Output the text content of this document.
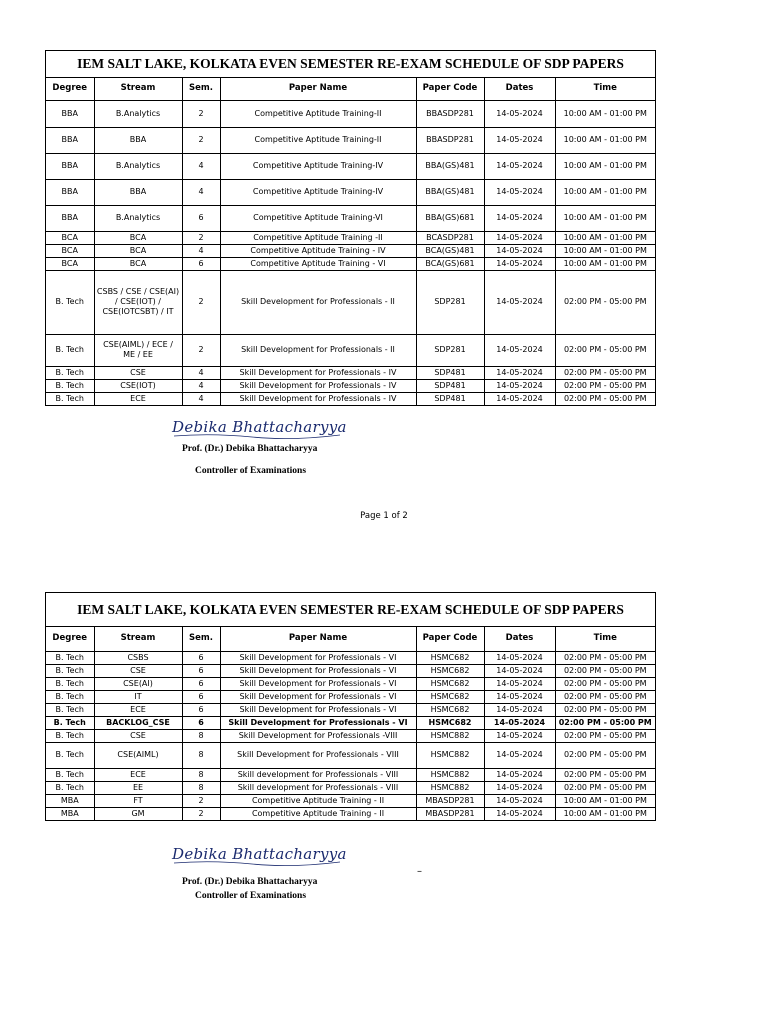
IEM SALT LAKE, KOLKATA EVEN SEMESTER RE-EXAM SCHEDULE OF SDP PAPERS
Degree	Stream	Sem.	Paper Name	Paper Code	Dates	Time
BBA	B.Analytics	2	Competitive Aptitude Training-II	BBASDP281	14-05-2024	10:00 AM - 01:00 PM
BBA	BBA	2	Competitive Aptitude Training-II	BBASDP281	14-05-2024	10:00 AM - 01:00 PM
BBA	B.Analytics	4	Competitive Aptitude Training-IV	BBA(GS)481	14-05-2024	10:00 AM - 01:00 PM
BBA	BBA	4	Competitive Aptitude Training-IV	BBA(GS)481	14-05-2024	10:00 AM - 01:00 PM
BBA	B.Analytics	6	Competitive Aptitude Training-VI	BBA(GS)681	14-05-2024	10:00 AM - 01:00 PM
BCA	BCA	2	Competitive Aptitude Training -II	BCASDP281	14-05-2024	10:00 AM - 01:00 PM
BCA	BCA	4	Competitive Aptitude Training - IV	BCA(GS)481	14-05-2024	10:00 AM - 01:00 PM
BCA	BCA	6	Competitive Aptitude Training - VI	BCA(GS)681	14-05-2024	10:00 AM - 01:00 PM
B. Tech	CSBS / CSE / CSE(AI) / CSE(IOT) / CSE(IOTCSBT) / IT	2	Skill Development for Professionals - II	SDP281	14-05-2024	02:00 PM - 05:00 PM
B. Tech	CSE(AIML) / ECE / ME / EE	2	Skill Development for Professionals - II	SDP281	14-05-2024	02:00 PM - 05:00 PM
B. Tech	CSE	4	Skill Development for Professionals - IV	SDP481	14-05-2024	02:00 PM - 05:00 PM
B. Tech	CSE(IOT)	4	Skill Development for Professionals - IV	SDP481	14-05-2024	02:00 PM - 05:00 PM
B. Tech	ECE	4	Skill Development for Professionals - IV	SDP481	14-05-2024	02:00 PM - 05:00 PM
Debika Bhattacharyya
Prof. (Dr.) Debika Bhattacharyya
Controller of Examinations
Page 1 of 2
IEM SALT LAKE, KOLKATA EVEN SEMESTER RE-EXAM SCHEDULE OF SDP PAPERS
Degree	Stream	Sem.	Paper Name	Paper Code	Dates	Time
B. Tech	CSBS	6	Skill Development for Professionals - VI	HSMC682	14-05-2024	02:00 PM - 05:00 PM
B. Tech	CSE	6	Skill Development for Professionals - VI	HSMC682	14-05-2024	02:00 PM - 05:00 PM
B. Tech	CSE(AI)	6	Skill Development for Professionals - VI	HSMC682	14-05-2024	02:00 PM - 05:00 PM
B. Tech	IT	6	Skill Development for Professionals - VI	HSMC682	14-05-2024	02:00 PM - 05:00 PM
B. Tech	ECE	6	Skill Development for Professionals - VI	HSMC682	14-05-2024	02:00 PM - 05:00 PM
B. Tech	BACKLOG_CSE	6	Skill Development for Professionals - VI	HSMC682	14-05-2024	02:00 PM - 05:00 PM
B. Tech	CSE	8	Skill Development for Professionals -VIII	HSMC882	14-05-2024	02:00 PM - 05:00 PM
B. Tech	CSE(AIML)	8	Skill Development for Professionals - VIII	HSMC882	14-05-2024	02:00 PM - 05:00 PM
B. Tech	ECE	8	Skill development for Professionals - VIII	HSMC882	14-05-2024	02:00 PM - 05:00 PM
B. Tech	EE	8	Skill development for Professionals - VIII	HSMC882	14-05-2024	02:00 PM - 05:00 PM
MBA	FT	2	Competitive Aptitude Training - II	MBASDP281	14-05-2024	10:00 AM - 01:00 PM
MBA	GM	2	Competitive Aptitude Training - II	MBASDP281	14-05-2024	10:00 AM - 01:00 PM
Debika Bhattacharyya
Prof. (Dr.) Debika Bhattacharyya
Controller of Examinations
–
